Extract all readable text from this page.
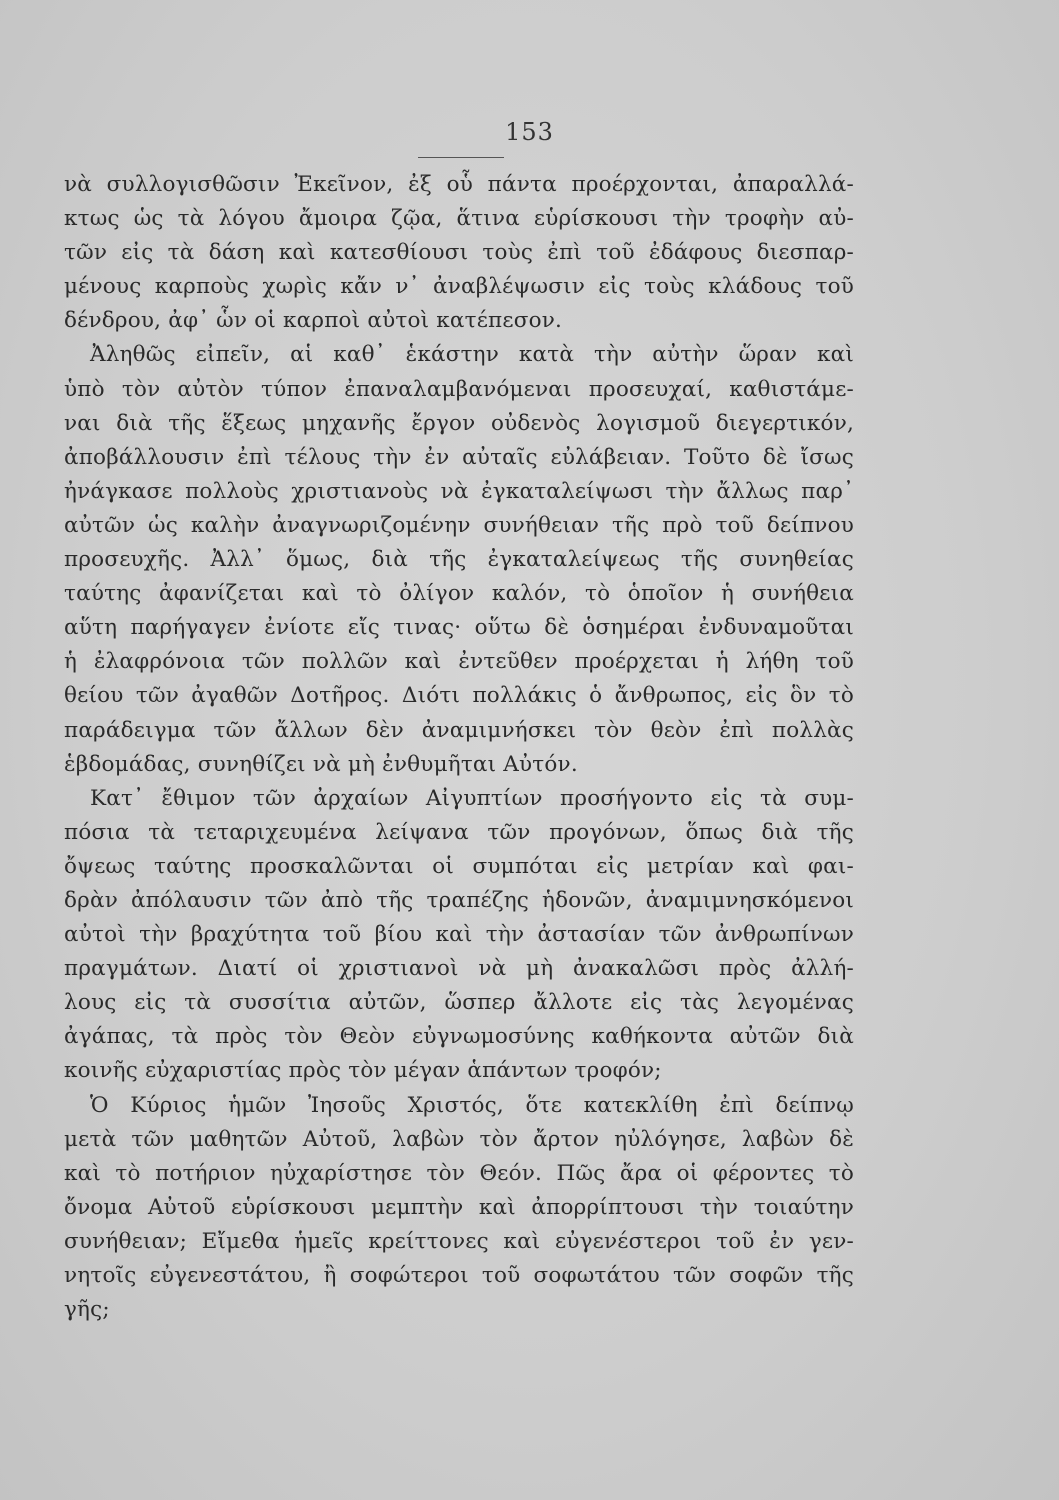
153
νὰ συλλογισθῶσιν Ἐκεῖνον, ἐξ οὗ πάντα προέρχονται, ἀπαραλλά-
κτως ὡς τὰ λόγου ἄμοιρα ζῷα, ἅτινα εὑρίσκουσι τὴν τροφὴν αὐ-
τῶν εἰς τὰ δάση καὶ κατεσθίουσι τοὺς ἐπὶ τοῦ ἐδάφους διεσπαρ-
μένους καρποὺς χωρὶς κἄν ν᾽ ἀναβλέψωσιν εἰς τοὺς κλάδους τοῦ
δένδρου, ἀφ᾽ ὧν οἱ καρποὶ αὐτοὶ κατέπεσον.
Ἀληθῶς εἰπεῖν, αἱ καθ᾽ ἑκάστην κατὰ τὴν αὐτὴν ὥραν καὶ
ὑπὸ τὸν αὐτὸν τύπον ἐπαναλαμβανόμεναι προσευχαί, καθιστάμε-
ναι διὰ τῆς ἕξεως μηχανῆς ἔργον οὐδενὸς λογισμοῦ διεγερτικόν,
ἀποβάλλουσιν ἐπὶ τέλους τὴν ἐν αὐταῖς εὐλάβειαν. Τοῦτο δὲ ἴσως
ἠνάγκασε πολλοὺς χριστιανοὺς νὰ ἐγκαταλείψωσι τὴν ἄλλως παρ᾽
αὐτῶν ὡς καλὴν ἀναγνωριζομένην συνήθειαν τῆς πρὸ τοῦ δείπνου
προσευχῆς. Ἀλλ᾽ ὅμως, διὰ τῆς ἐγκαταλείψεως τῆς συνηθείας
ταύτης ἀφανίζεται καὶ τὸ ὀλίγον καλόν, τὸ ὁποῖον ἡ συνήθεια
αὕτη παρήγαγεν ἐνίοτε εἴς τινας· οὕτω δὲ ὁσημέραι ἐνδυναμοῦται
ἡ ἐλαφρόνοια τῶν πολλῶν καὶ ἐντεῦθεν προέρχεται ἡ λήθη τοῦ
θείου τῶν ἀγαθῶν Δοτῆρος. Διότι πολλάκις ὁ ἄνθρωπος, εἰς ὃν τὸ
παράδειγμα τῶν ἄλλων δὲν ἀναμιμνήσκει τὸν θεὸν ἐπὶ πολλὰς
ἑβδομάδας, συνηθίζει νὰ μὴ ἐνθυμῆται Αὐτόν.
Κατ᾽ ἔθιμον τῶν ἀρχαίων Αἰγυπτίων προσήγοντο εἰς τὰ συμ-
πόσια τὰ τεταριχευμένα λείψανα τῶν προγόνων, ὅπως διὰ τῆς
ὄψεως ταύτης προσκαλῶνται οἱ συμπόται εἰς μετρίαν καὶ φαι-
δρὰν ἀπόλαυσιν τῶν ἀπὸ τῆς τραπέζης ἡδονῶν, ἀναμιμνησκόμενοι
αὐτοὶ τὴν βραχύτητα τοῦ βίου καὶ τὴν ἀστασίαν τῶν ἀνθρωπίνων
πραγμάτων. Διατί οἱ χριστιανοὶ νὰ μὴ ἀνακαλῶσι πρὸς ἀλλή-
λους εἰς τὰ συσσίτια αὐτῶν, ὥσπερ ἄλλοτε εἰς τὰς λεγομένας
ἀγάπας, τὰ πρὸς τὸν Θεὸν εὐγνωμοσύνης καθήκοντα αὐτῶν διὰ
κοινῆς εὐχαριστίας πρὸς τὸν μέγαν ἁπάντων τροφόν;
Ὁ Κύριος ἡμῶν Ἰησοῦς Χριστός, ὅτε κατεκλίθη ἐπὶ δείπνῳ
μετὰ τῶν μαθητῶν Αὐτοῦ, λαβὼν τὸν ἄρτον ηὐλόγησε, λαβὼν δὲ
καὶ τὸ ποτήριον ηὐχαρίστησε τὸν Θεόν. Πῶς ἄρα οἱ φέροντες τὸ
ὄνομα Αὐτοῦ εὑρίσκουσι μεμπτὴν καὶ ἀπορρίπτουσι τὴν τοιαύτην
συνήθειαν; Εἴμεθα ἡμεῖς κρείττονες καὶ εὐγενέστεροι τοῦ ἐν γεν-
νητοῖς εὐγενεστάτου, ἢ σοφώτεροι τοῦ σοφωτάτου τῶν σοφῶν τῆς
γῆς;
